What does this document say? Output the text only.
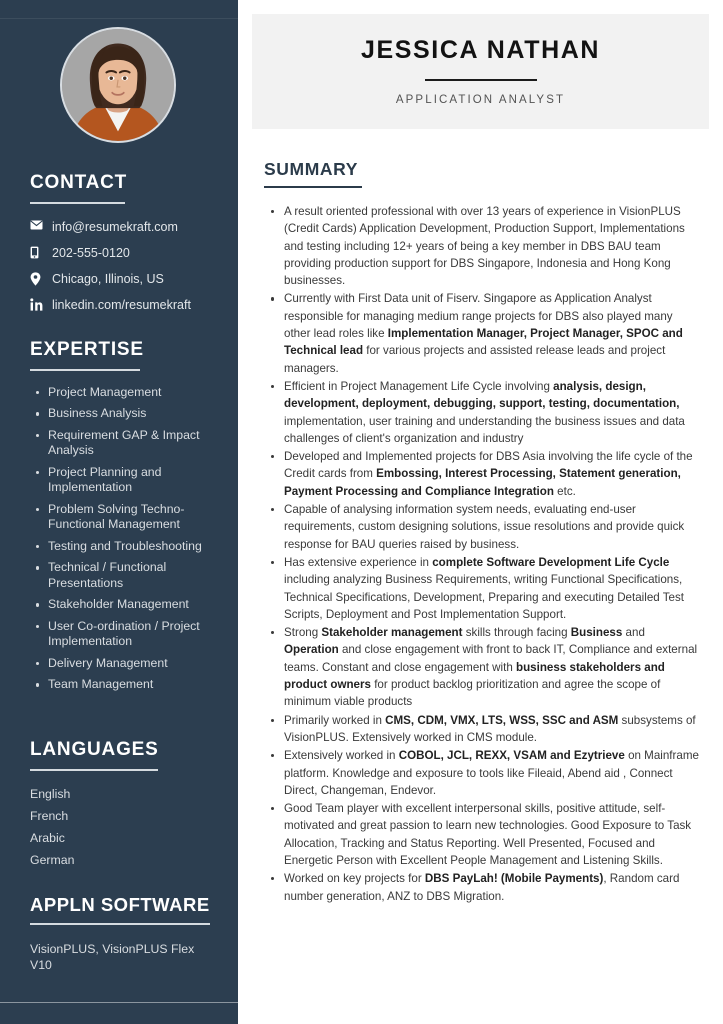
CONTACT
info@resumekraft.com
202-555-0120
Chicago, Illinois, US
linkedin.com/resumekraft
EXPERTISE
Project Management
Business Analysis
Requirement GAP & Impact Analysis
Project Planning and Implementation
Problem Solving Techno-Functional Management
Testing and Troubleshooting
Technical / Functional Presentations
Stakeholder Management
User Co-ordination / Project Implementation
Delivery Management
Team Management
LANGUAGES
English
French
Arabic
German
APPLN SOFTWARE
VisionPLUS, VisionPLUS Flex V10
JESSICA NATHAN
APPLICATION ANALYST
SUMMARY
A result oriented professional with over 13 years of experience in VisionPLUS (Credit Cards) Application Development, Production Support, Implementations and testing including 12+ years of being a key member in DBS BAU team providing production support for DBS Singapore, Indonesia and Hong Kong businesses.
Currently with First Data unit of Fiserv. Singapore as Application Analyst responsible for managing medium range projects for DBS also played many other lead roles like Implementation Manager, Project Manager, SPOC and Technical lead for various projects and assisted release leads and project managers.
Efficient in Project Management Life Cycle involving analysis, design, development, deployment, debugging, support, testing, documentation, implementation, user training and understanding the business issues and data challenges of client's organization and industry
Developed and Implemented projects for DBS Asia involving the life cycle of the Credit cards from Embossing, Interest Processing, Statement generation, Payment Processing and Compliance Integration etc.
Capable of analysing information system needs, evaluating end-user requirements, custom designing solutions, issue resolutions and provide quick response for BAU queries raised by business.
Has extensive experience in complete Software Development Life Cycle including analyzing Business Requirements, writing Functional Specifications, Technical Specifications, Development, Preparing and executing Detailed Test Scripts, Deployment and Post Implementation Support.
Strong Stakeholder management skills through facing Business and Operation and close engagement with front to back IT, Compliance and external teams. Constant and close engagement with business stakeholders and product owners for product backlog prioritization and agree the scope of minimum viable products
Primarily worked in CMS, CDM, VMX, LTS, WSS, SSC and ASM subsystems of VisionPLUS. Extensively worked in CMS module.
Extensively worked in COBOL, JCL, REXX, VSAM and Ezytrieve on Mainframe platform. Knowledge and exposure to tools like Fileaid, Abend aid , Connect Direct, Changeman, Endevor.
Good Team player with excellent interpersonal skills, positive attitude, self-motivated and great passion to learn new technologies. Good Exposure to Task Allocation, Tracking and Status Reporting. Well Presented, Focused and Energetic Person with Excellent People Management and Listening Skills.
Worked on key projects for DBS PayLah! (Mobile Payments), Random card number generation, ANZ to DBS Migration.
